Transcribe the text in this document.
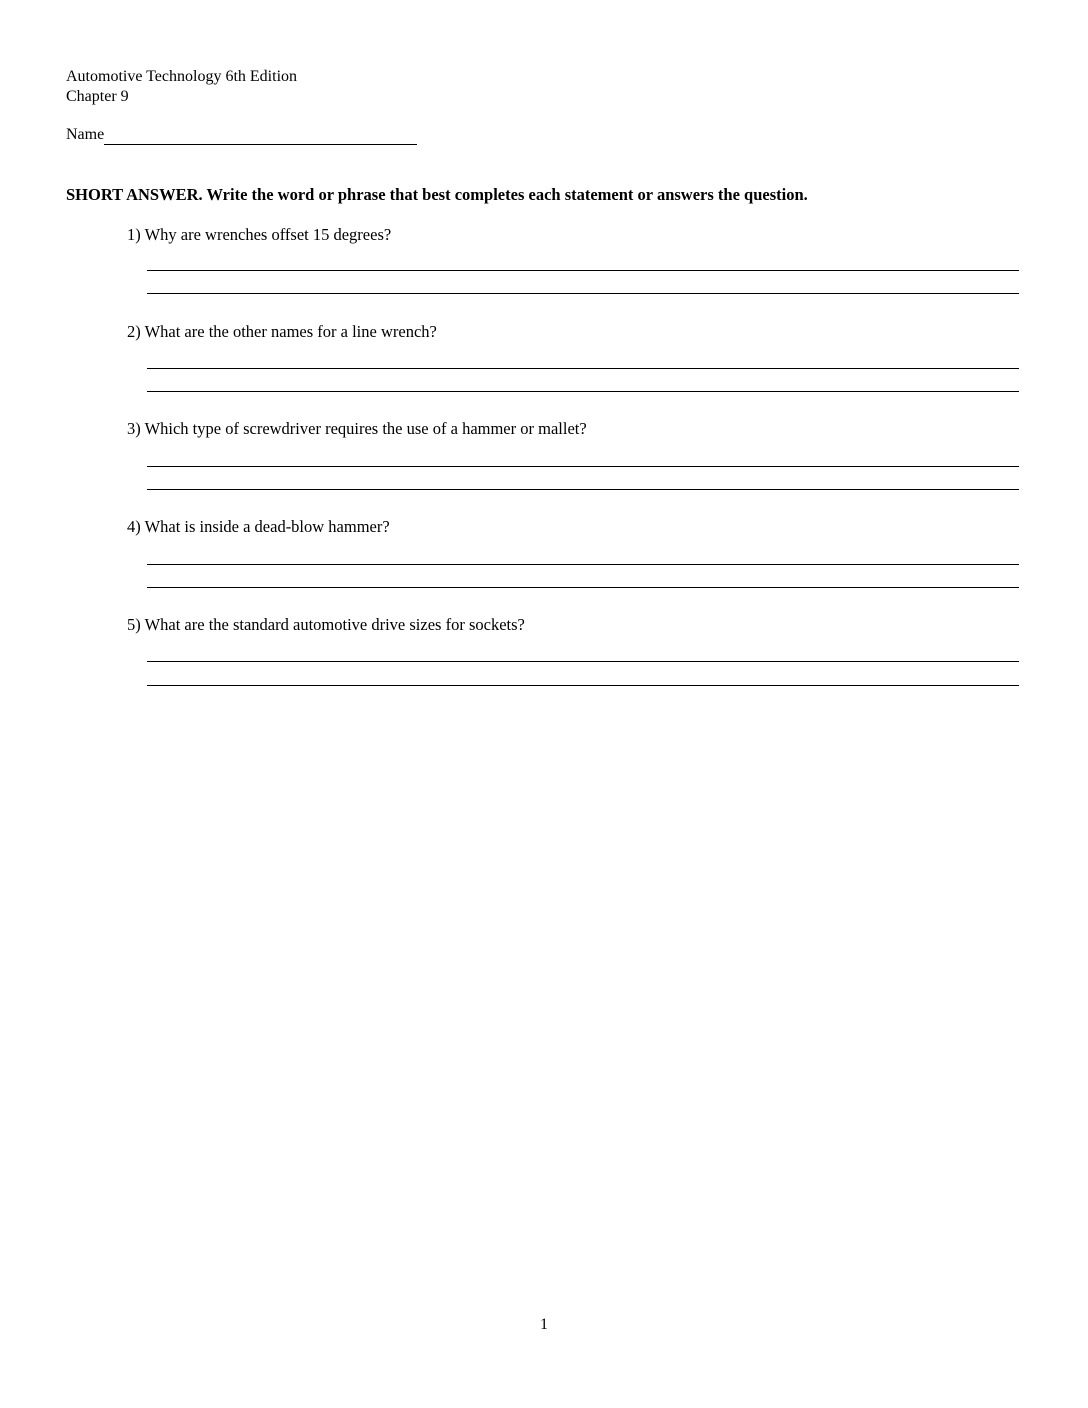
Automotive Technology 6th Edition
Chapter 9
Name
SHORT ANSWER. Write the word or phrase that best completes each statement or answers the question.
1) Why are wrenches offset 15 degrees?
2) What are the other names for a line wrench?
3) Which type of screwdriver requires the use of a hammer or mallet?
4) What is inside a dead-blow hammer?
5) What are the standard automotive drive sizes for sockets?
1
